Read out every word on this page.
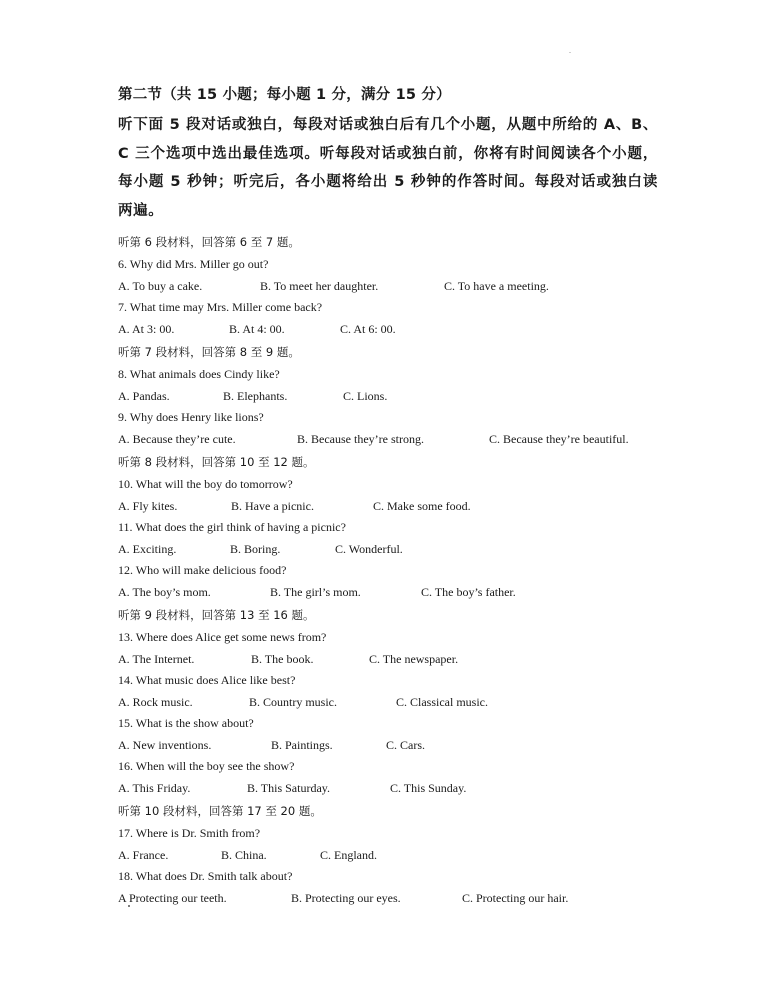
第二节（共 15 小题；每小题 1 分，满分 15 分）

听下面 5 段对话或独白，每段对话或独白后有几个小题，从题中所给的 A、B、C 三个选项中选出最佳选项。听每段对话或独白前，你将有时间阅读各个小题，每小题 5 秒钟；听完后，各小题将给出 5 秒钟的作答时间。每段对话或独白读两遍。

听第 6 段材料，回答第 6 至 7 题。
6. Why did Mrs. Miller go out?
A. To buy a cake.	B. To meet her daughter.	C. To have a meeting.
7. What time may Mrs. Miller come back?
A. At 3: 00.	B. At 4: 00.	C. At 6: 00.
听第 7 段材料，回答第 8 至 9 题。
8. What animals does Cindy like?
A. Pandas.	B. Elephants.	C. Lions.
9. Why does Henry like lions?
A. Because they’re cute.	B. Because they’re strong.	C. Because they’re beautiful.
听第 8 段材料，回答第 10 至 12 题。
10. What will the boy do tomorrow?
A. Fly kites.	B. Have a picnic.	C. Make some food.
11. What does the girl think of having a picnic?
A. Exciting.	B. Boring.	C. Wonderful.
12. Who will make delicious food?
A. The boy’s mom.	B. The girl’s mom.	C. The boy’s father.
听第 9 段材料，回答第 13 至 16 题。
13. Where does Alice get some news from?
A. The Internet.	B. The book.	C. The newspaper.
14. What music does Alice like best?
A. Rock music.	B. Country music.	C. Classical music.
15. What is the show about?
A. New inventions.	B. Paintings.	C. Cars.
16. When will the boy see the show?
A. This Friday.	B. This Saturday.	C. This Sunday.
听第 10 段材料，回答第 17 至 20 题。
17. Where is Dr. Smith from?
A. France.	B. China.	C. England.
18. What does Dr. Smith talk about?
A Protecting our teeth.	B. Protecting our eyes.	C. Protecting our hair.
